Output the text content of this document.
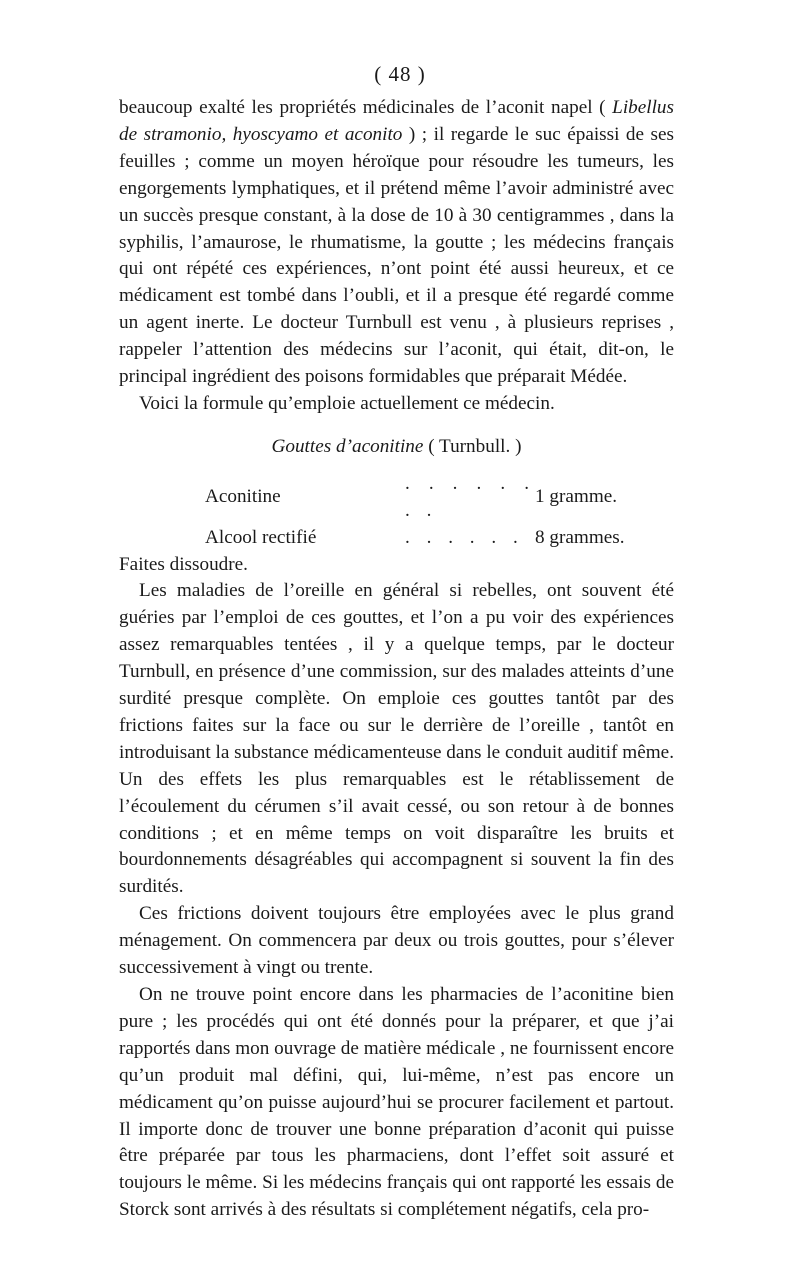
( 48 )

beaucoup exalté les propriétés médicinales de l’aconit napel ( Libellus de stramonio, hyoscyamo et aconito ) ; il regarde le suc épaissi de ses feuilles ; comme un moyen héroïque pour résoudre les tumeurs, les engorgements lymphatiques, et il prétend même l’avoir administré avec un succès presque constant, à la dose de 10 à 30 centigrammes , dans la syphilis, l’amaurose, le rhumatisme, la goutte ; les médecins français qui ont répété ces expériences, n’ont point été aussi heureux, et ce médicament est tombé dans l’oubli, et il a presque été regardé comme un agent inerte. Le docteur Turnbull est venu , à plusieurs reprises , rappeler l’attention des médecins sur l’aconit, qui était, dit-on, le principal ingrédient des poisons formidables que préparait Médée.

Voici la formule qu’emploie actuellement ce médecin.

Gouttes d’aconitine ( Turnbull. )
Aconitine	. . . . . . . .	1 gramme.
Alcool rectifié	. . . . . .	8 grammes.

Faites dissoudre.

Les maladies de l’oreille en général si rebelles, ont souvent été guéries par l’emploi de ces gouttes, et l’on a pu voir des expériences assez remarquables tentées , il y a quelque temps, par le docteur Turnbull, en présence d’une commission, sur des malades atteints d’une surdité presque complète. On emploie ces gouttes tantôt par des frictions faites sur la face ou sur le derrière de l’oreille , tantôt en introduisant la substance médicamenteuse dans le conduit auditif même. Un des effets les plus remarquables est le rétablissement de l’écoulement du cérumen s’il avait cessé, ou son retour à de bonnes conditions ; et en même temps on voit disparaître les bruits et bourdonnements désagréables qui accompagnent si souvent la fin des surdités.

Ces frictions doivent toujours être employées avec le plus grand ménagement. On commencera par deux ou trois gouttes, pour s’élever successivement à vingt ou trente.

On ne trouve point encore dans les pharmacies de l’aconitine bien pure ; les procédés qui ont été donnés pour la préparer, et que j’ai rapportés dans mon ouvrage de matière médicale , ne fournissent encore qu’un produit mal défini, qui, lui-même, n’est pas encore un médicament qu’on puisse aujourd’hui se procurer facilement et partout. Il importe donc de trouver une bonne préparation d’aconit qui puisse être préparée par tous les pharmaciens, dont l’effet soit assuré et toujours le même. Si les médecins français qui ont rapporté les essais de Storck sont arrivés à des résultats si complétement négatifs, cela pro-
